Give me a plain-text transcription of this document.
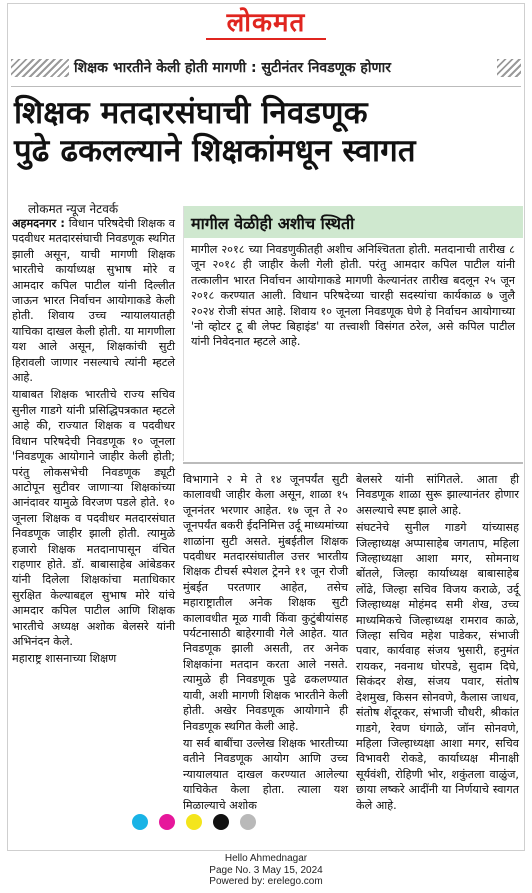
लोकमत
शिक्षक भारतीने केली होती मागणी : सुटीनंतर निवडणूक होणार
शिक्षक मतदारसंघाची निवडणूक
पुढे ढकलल्याने शिक्षकांमधून स्वागत
लोकमत न्यूज नेटवर्क
मागील वेळीही अशीच स्थिती
मागील २०१८ च्या निवडणुकीतही अशीच अनिश्चितता होती. मतदानाची तारीख ८ जून २०१८ ही जाहीर केली गेली होती. परंतु आमदार कपिल पाटील यांनी तत्कालीन भारत निर्वाचन आयोगाकडे मागणी केल्यानंतर तारीख बदलून २५ जून २०१८ करण्यात आली. विधान परिषदेच्या चारही सदस्यांचा कार्यकाळ ७ जुलै २०२४ रोजी संपत आहे. शिवाय १० जूनला निवडणूक घेणे हे निर्वाचन आयोगाच्या 'नो व्होटर टू बी लेफ्ट बिहाइंड' या तत्त्वाशी विसंगत ठरेल, असे कपिल पाटील यांनी निवेदनात म्हटले आहे.

अहमदनगर : विधान परिषदेची शिक्षक व पदवीधर मतदारसंघाची निवडणूक स्थगित झाली असून, याची मागणी शिक्षक भारतीचे कार्याध्यक्ष सुभाष मोरे व आमदार कपिल पाटील यांनी दिल्लीत जाऊन भारत निर्वाचन आयोगाकडे केली होती. शिवाय उच्च न्यायालयातही याचिका दाखल केली होती. या मागणीला यश आले असून, शिक्षकांची सुटी हिरावली जाणार नसल्याचे त्यांनी म्हटले आहे.

याबाबत शिक्षक भारतीचे राज्य सचिव सुनील गाडगे यांनी प्रसिद्धिपत्रकात म्हटले आहे की, राज्यात शिक्षक व पदवीधर विधान परिषदेची निवडणूक १० जूनला 'निवडणूक आयोगाने जाहीर केली होती; परंतु लोकसभेची निवडणूक ड्यूटी आटोपून सुटीवर जाणाऱ्या शिक्षकांच्या आनंदावर यामुळे विरजण पडले होते. १० जूनला शिक्षक व पदवीधर मतदारसंघात निवडणूक जाहीर झाली होती. त्यामुळे हजारो शिक्षक मतदानापासून वंचित राहणार होते. डॉ. बाबासाहेब आंबेडकर यांनी दिलेला शिक्षकांचा मताधिकार सुरक्षित केल्याबद्दल सुभाष मोरे यांचे आमदार कपिल पाटील आणि शिक्षक भारतीचे अध्यक्ष अशोक बेलसरे यांनी अभिनंदन केले.

महाराष्ट्र शासनाच्या शिक्षण

विभागाने २ मे ते १४ जूनपर्यंत सुटी कालावधी जाहीर केला असून, शाळा १५ जूननंतर भरणार आहेत. १७ जून ते २० जूनपर्यंत बकरी ईदनिमित्त उर्दू माध्यमांच्या शाळांना सुटी असते. मुंबईतील शिक्षक पदवीधर मतदारसंघातील उत्तर भारतीय शिक्षक टीचर्स स्पेशल ट्रेनने ११ जून रोजी मुंबईत परतणार आहेत, तसेच महाराष्ट्रातील अनेक शिक्षक सुटी कालावधीत मूळ गावी किंवा कुटुंबीयांसह पर्यटनासाठी बाहेरगावी गेले आहेत. यात निवडणूक झाली असती, तर अनेक शिक्षकांना मतदान करता आले नसते. त्यामुळे ही निवडणूक पुढे ढकलण्यात यावी, अशी मागणी शिक्षक भारतीने केली होती. अखेर निवडणूक आयोगाने ही निवडणूक स्थगित केली आहे.

या सर्व बाबींचा उल्लेख शिक्षक भारतीच्या वतीने निवडणूक आयोग आणि उच्च न्यायालयात दाखल करण्यात आलेल्या याचिकेत केला होता. त्याला यश मिळाल्याचे अशोक

बेलसरे यांनी सांगितले. आता ही निवडणूक शाळा सुरू झाल्यानंतर होणार असल्याचे स्पष्ट झाले आहे.

संघटनेचे सुनील गाडगे यांच्यासह जिल्हाध्यक्ष अप्पासाहेब जगताप, महिला जिल्हाध्यक्षा आशा मगर, सोमनाथ बोंतले, जिल्हा कार्याध्यक्ष बाबासाहेब लोंढे, जिल्हा सचिव विजय कराळे, उर्दू जिल्हाध्यक्ष मोहंमद समी शेख, उच्च माध्यमिकचे जिल्हाध्यक्ष रामराव काळे, जिल्हा सचिव महेश पाडेकर, संभाजी पवार, कार्यवाह संजय भुसारी, हनुमंत रायकर, नवनाथ घोरपडे, सुदाम दिघे, सिकंदर शेख, संजय पवार, संतोष देशमुख, किसन सोनवणे, कैलास जाधव, संतोष शेंदूरकर, संभाजी चौधरी, श्रीकांत गाडगे, रेवण घंगाळे, जॉन सोनवणे, महिला जिल्हाध्यक्षा आशा मगर, सचिव विभावरी रोकडे, कार्याध्यक्ष मीनाक्षी सूर्यवंशी, रोहिणी भोर, शकुंतला वाळुंज, छाया लष्करे आदींनी या निर्णयाचे स्वागत केले आहे.

Hello Ahmednagar
Page No. 3 May 15, 2024
Powered by: erelego.com
